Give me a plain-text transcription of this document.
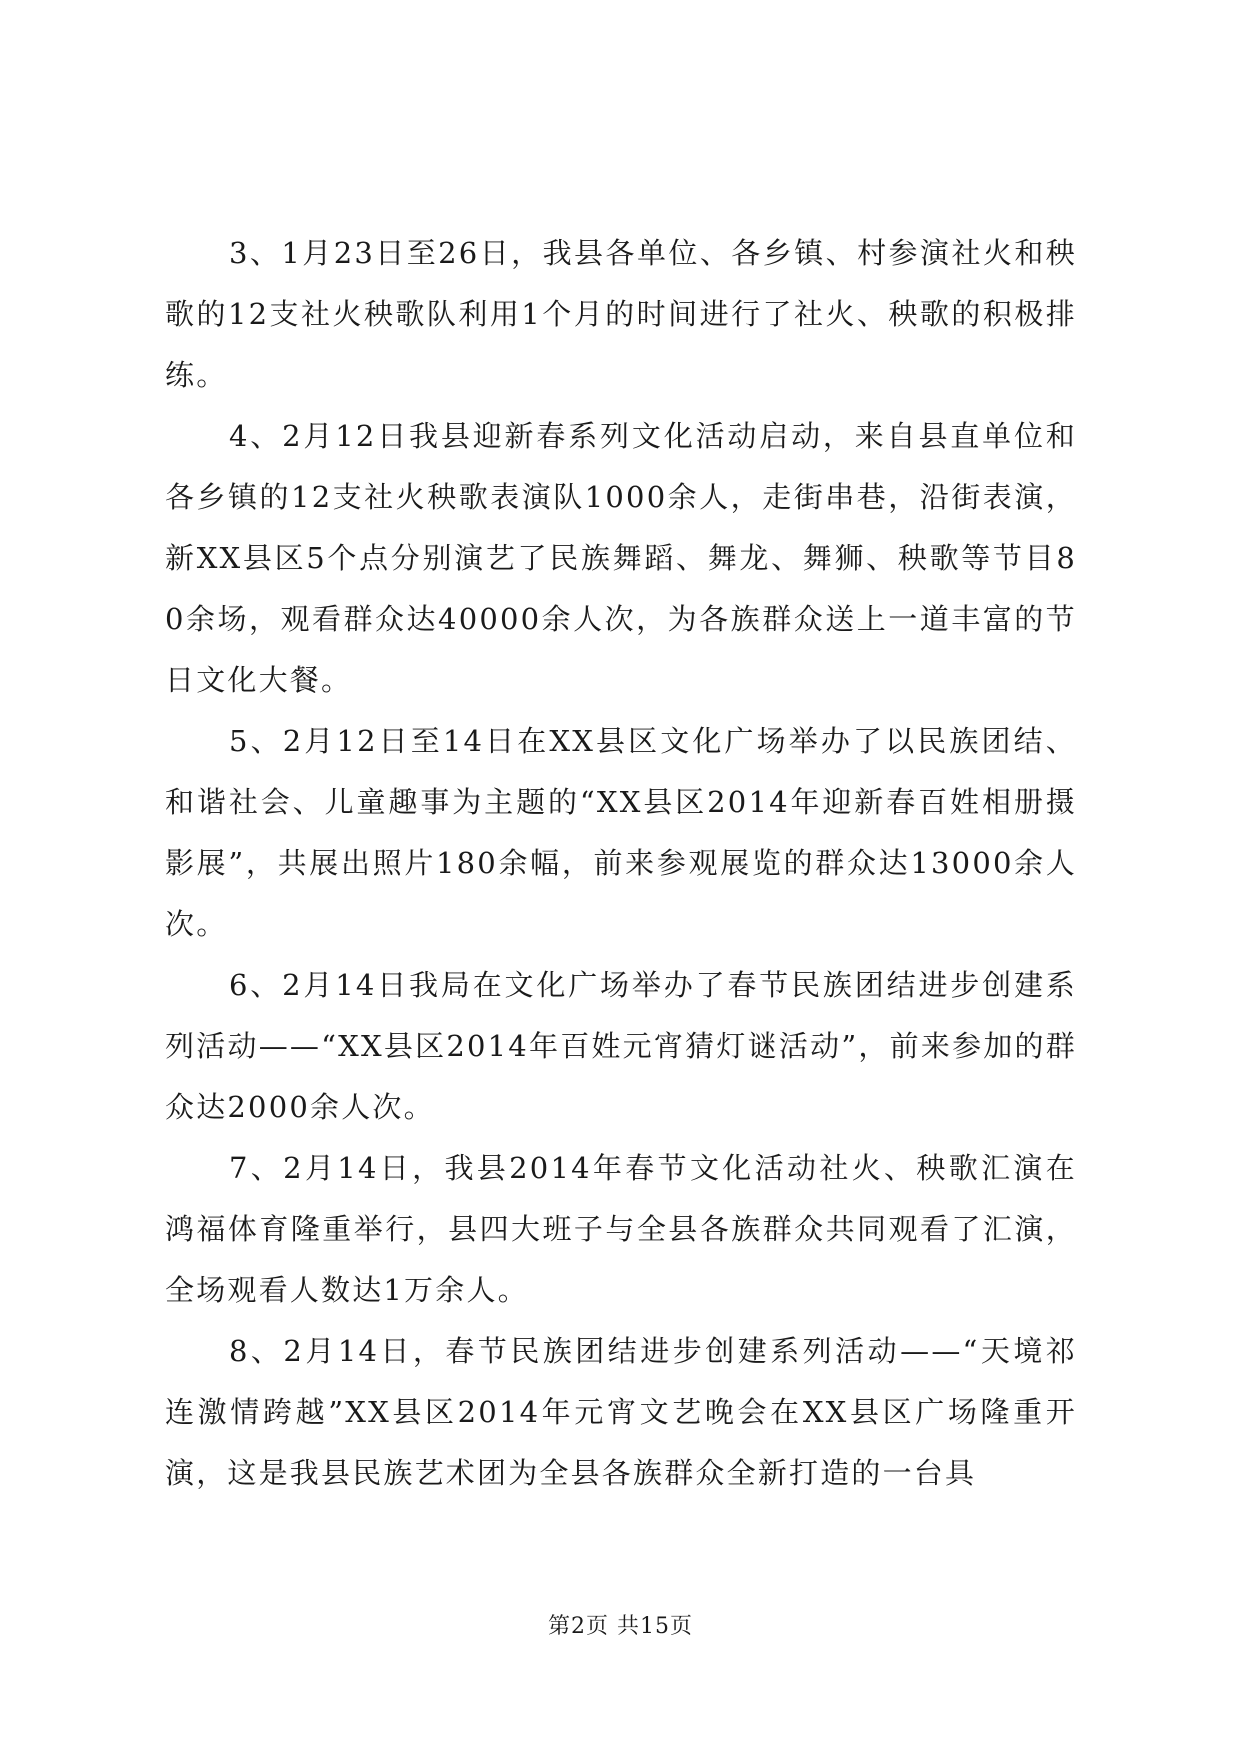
3、1月23日至26日，我县各单位、各乡镇、村参演社火和秧歌的12支社火秧歌队利用1个月的时间进行了社火、秧歌的积极排练。

4、2月12日我县迎新春系列文化活动启动，来自县直单位和各乡镇的12支社火秧歌表演队1000余人，走街串巷，沿街表演，新XX县区5个点分别演艺了民族舞蹈、舞龙、舞狮、秧歌等节目80余场，观看群众达40000余人次，为各族群众送上一道丰富的节日文化大餐。

5、2月12日至14日在XX县区文化广场举办了以民族团结、和谐社会、儿童趣事为主题的“XX县区2014年迎新春百姓相册摄影展”，共展出照片180余幅，前来参观展览的群众达13000余人次。

6、2月14日我局在文化广场举办了春节民族团结进步创建系列活动——“XX县区2014年百姓元宵猜灯谜活动”，前来参加的群众达2000余人次。

7、2月14日，我县2014年春节文化活动社火、秧歌汇演在鸿福体育隆重举行，县四大班子与全县各族群众共同观看了汇演，全场观看人数达1万余人。

8、2月14日，春节民族团结进步创建系列活动——“天境祁连激情跨越”XX县区2014年元宵文艺晚会在XX县区广场隆重开演，这是我县民族艺术团为全县各族群众全新打造的一台具

第2页 共15页
